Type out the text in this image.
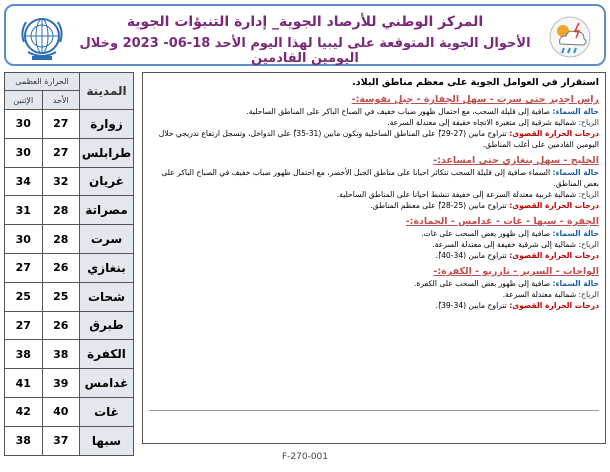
المركز الوطني للأرصاد الجوية_ إدارة التنبؤات الجوية
الأحوال الجوية المتوقعة على ليبيا لهذا اليوم الأحد 18-06- 2023 وخلال اليومين القادمين
المدينة	الحرارة العظمى	
	الأحد	الإثنين
زوارة	27	30
طرابلس	27	30
غريان	32	34
مصراتة	28	31
سرت	28	30
بنغازي	26	27
شحات	25	25
طبرق	26	27
الكفرة	38	38
غدامس	39	41
غات	40	42
سبها	37	38
استقرار في العوامل الجوية على معظم مناطق البلاد.
راس اجدير حتى سرت - سهل الجفارة - جبل نفوسة:-
حالة السماء: صافية إلى قليلة السحب، مع احتمال ظهور ضباب خفيف في الصباح الباكر على المناطق الساحلية.
الرياح: شمالية شرقية إلى متغيرة الاتجاه خفيفة إلى معتدلة السرعة.
درجات الحرارة القصوى: تتراوح مابين (27-29)ْ على المناطق الساحلية وتكون مابين (31-35)ْ على الدواخل، وتسجل ارتفاع تدريجي خلال اليومين القادمين على أغلب المناطق.
الخليج - سهل بنغازي حتى امساعد:-
حالة السماء: السماء صافية إلى قليلة السحب تتكاثر احيانا على مناطق الجبل الأخضر، مع احتمال ظهور ضباب خفيف في الصباح الباكر على بعض المناطق.
الرياح: شمالية غربية معتدلة السرعة إلى خفيفة تنشط احيانا على المناطق الساحلية.
درجات الحرارة القصوى: تتراوح مابين (25-28)ْ على معظم المناطق.
الجفرة - سبها - غات - غدامس - الحمادة:-
حالة السماء: صافية إلى ظهور بعض السحب على غات.
الرياح: شمالية إلى شرقية خفيفة إلى معتدلة السرعة.
درجات الحرارة القصوى: تتراوح مابين (34-40)ْ.
الواحات - السرير - تازربو - الكفرة:-
حالة السماء: صافية إلى ظهور بعض السحب على الكفرة.
الرياح: شمالية معتدلة السرعة.
درجات الحرارة القصوى: تتراوح مابين (34-39)ْ.
F-270-001
